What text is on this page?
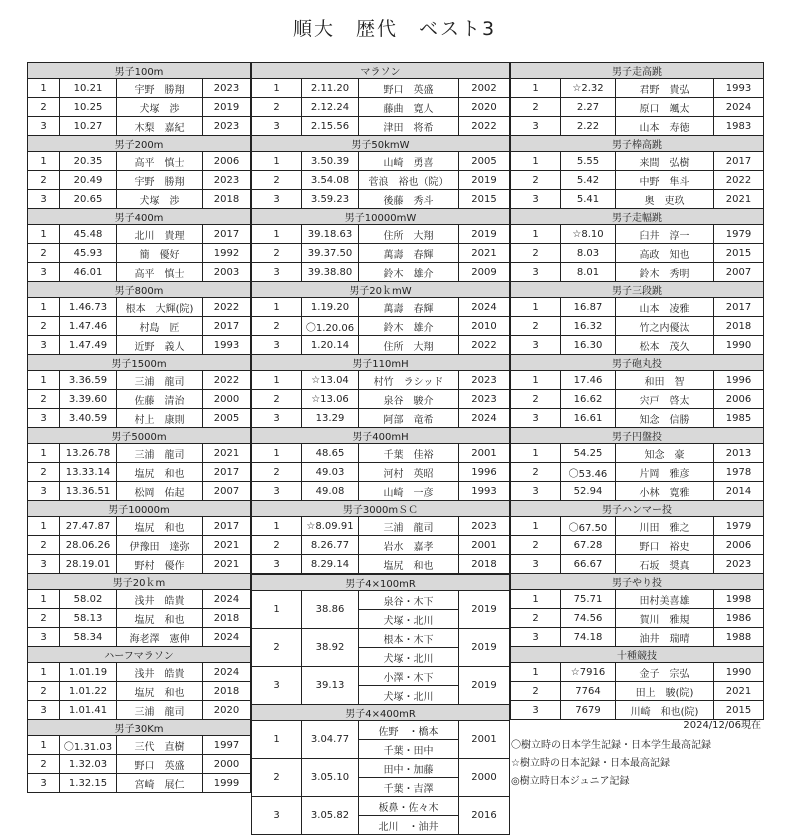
順大　歴代　ベスト3
男子100m			
1	10.21	宇野　勝翔	2023
2	10.25	犬塚　渉	2019
3	10.27	木梨　嘉紀	2023
男子200m			
1	20.35	高平　慎士	2006
2	20.49	宇野　勝翔	2023
3	20.65	犬塚　渉	2018
男子400m			
1	45.48	北川　貴理	2017
2	45.93	簡　優好	1992
3	46.01	高平　慎士	2003
男子800m			
1	1.46.73	根本　大輝(院)	2022
2	1.47.46	村島　匠	2017
3	1.47.49	近野　義人	1993
男子1500m			
1	3.36.59	三浦　龍司	2022
2	3.39.60	佐藤　清治	2000
3	3.40.59	村上　康則	2005
男子5000m			
1	13.26.78	三浦　龍司	2021
2	13.33.14	塩尻　和也	2017
3	13.36.51	松岡　佑起	2007
男子10000m			
1	27.47.87	塩尻　和也	2017
2	28.06.26	伊豫田　達弥	2021
3	28.19.01	野村　優作	2021
男子20ｋm			
1	58.02	浅井　皓貴	2024
2	58.13	塩尻　和也	2018
3	58.34	海老澤　憲伸	2024
ハーフマラソン			
1	1.01.19	浅井　皓貴	2024
2	1.01.22	塩尻　和也	2018
3	1.01.41	三浦　龍司	2020
男子30Km			
1	〇1.31.03	三代　直樹	1997
2	1.32.03	野口　英盛	2000
3	1.32.15	宮崎　展仁	1999
マラソン			
1	2.11.20	野口　英盛	2002
2	2.12.24	藤曲　寛人	2020
3	2.15.56	津田　将希	2022
男子50kmW			
1	3.50.39	山崎　勇喜	2005
2	3.54.08	菅浪　裕也（院）	2019
3	3.59.23	後藤　秀斗	2015
男子10000mW			
1	39.18.63	住所　大翔	2019
2	39.37.50	萬壽　春輝	2021
3	39.38.80	鈴木　雄介	2009
男子20ｋmW			
1	1.19.20	萬壽　春輝	2024
2	〇1.20.06	鈴木　雄介	2010
3	1.20.14	住所　大翔	2022
男子110mH			
1	☆13.04	村竹　ラシッド	2023
2	☆13.06	泉谷　駿介	2023
3	13.29	阿部　竜希	2024
男子400mH			
1	48.65	千葉　佳裕	2001
2	49.03	河村　英昭	1996
3	49.08	山崎　一彦	1993
男子3000mＳＣ			
1	☆8.09.91	三浦　龍司	2023
2	8.26.77	岩水　嘉孝	2001
3	8.29.14	塩尻　和也	2018
男子4×100mR			
1	38.86	泉谷・木下	2019
		犬塚・北川	
2	38.92	根本・木下	2019
		犬塚・北川	
3	39.13	小澤・木下	2019
		犬塚・北川	
男子4×400mR			
1	3.04.77	佐野　・橋本	2001
		千葉・田中	
2	3.05.10	田中・加藤	2000
		千葉・吉澤	
3	3.05.82	板鼻・佐々木	2016
		北川　・油井	
男子走高跳			
1	☆2.32	君野　貴弘	1993
2	2.27	原口　颯太	2024
3	2.22	山本　寿徳	1983
男子棒高跳			
1	5.55	来間　弘樹	2017
2	5.42	中野　隼斗	2022
3	5.41	奥　吏玖	2021
男子走幅跳			
1	☆8.10	臼井　淳一	1979
2	8.03	高政　知也	2015
3	8.01	鈴木　秀明	2007
男子三段跳			
1	16.87	山本　凌雅	2017
2	16.32	竹之内優汰	2018
3	16.30	松本　茂久	1990
男子砲丸投			
1	17.46	和田　智	1996
2	16.62	宍戸　啓太	2006
3	16.61	知念　信勝	1985
男子円盤投			
1	54.25	知念　豪	2013
2	〇53.46	片岡　雅彦	1978
3	52.94	小林　寛雅	2014
男子ハンマー投			
1	〇67.50	川田　雅之	1979
2	67.28	野口　裕史	2006
3	66.67	石坂　奨真	2023
男子やり投			
1	75.71	田村美喜雄	1998
2	74.56	賀川　雅規	1986
3	74.18	油井　瑞晴	1988
十種競技			
1	☆7916	金子　宗弘	1990
2	7764	田上　駿(院)	2021
3	7679	川崎　和也(院)	2015
2024/12/06現在
〇樹立時の日本学生記録・日本学生最高記録
☆樹立時の日本記録・日本最高記録
◎樹立時日本ジュニア記録
